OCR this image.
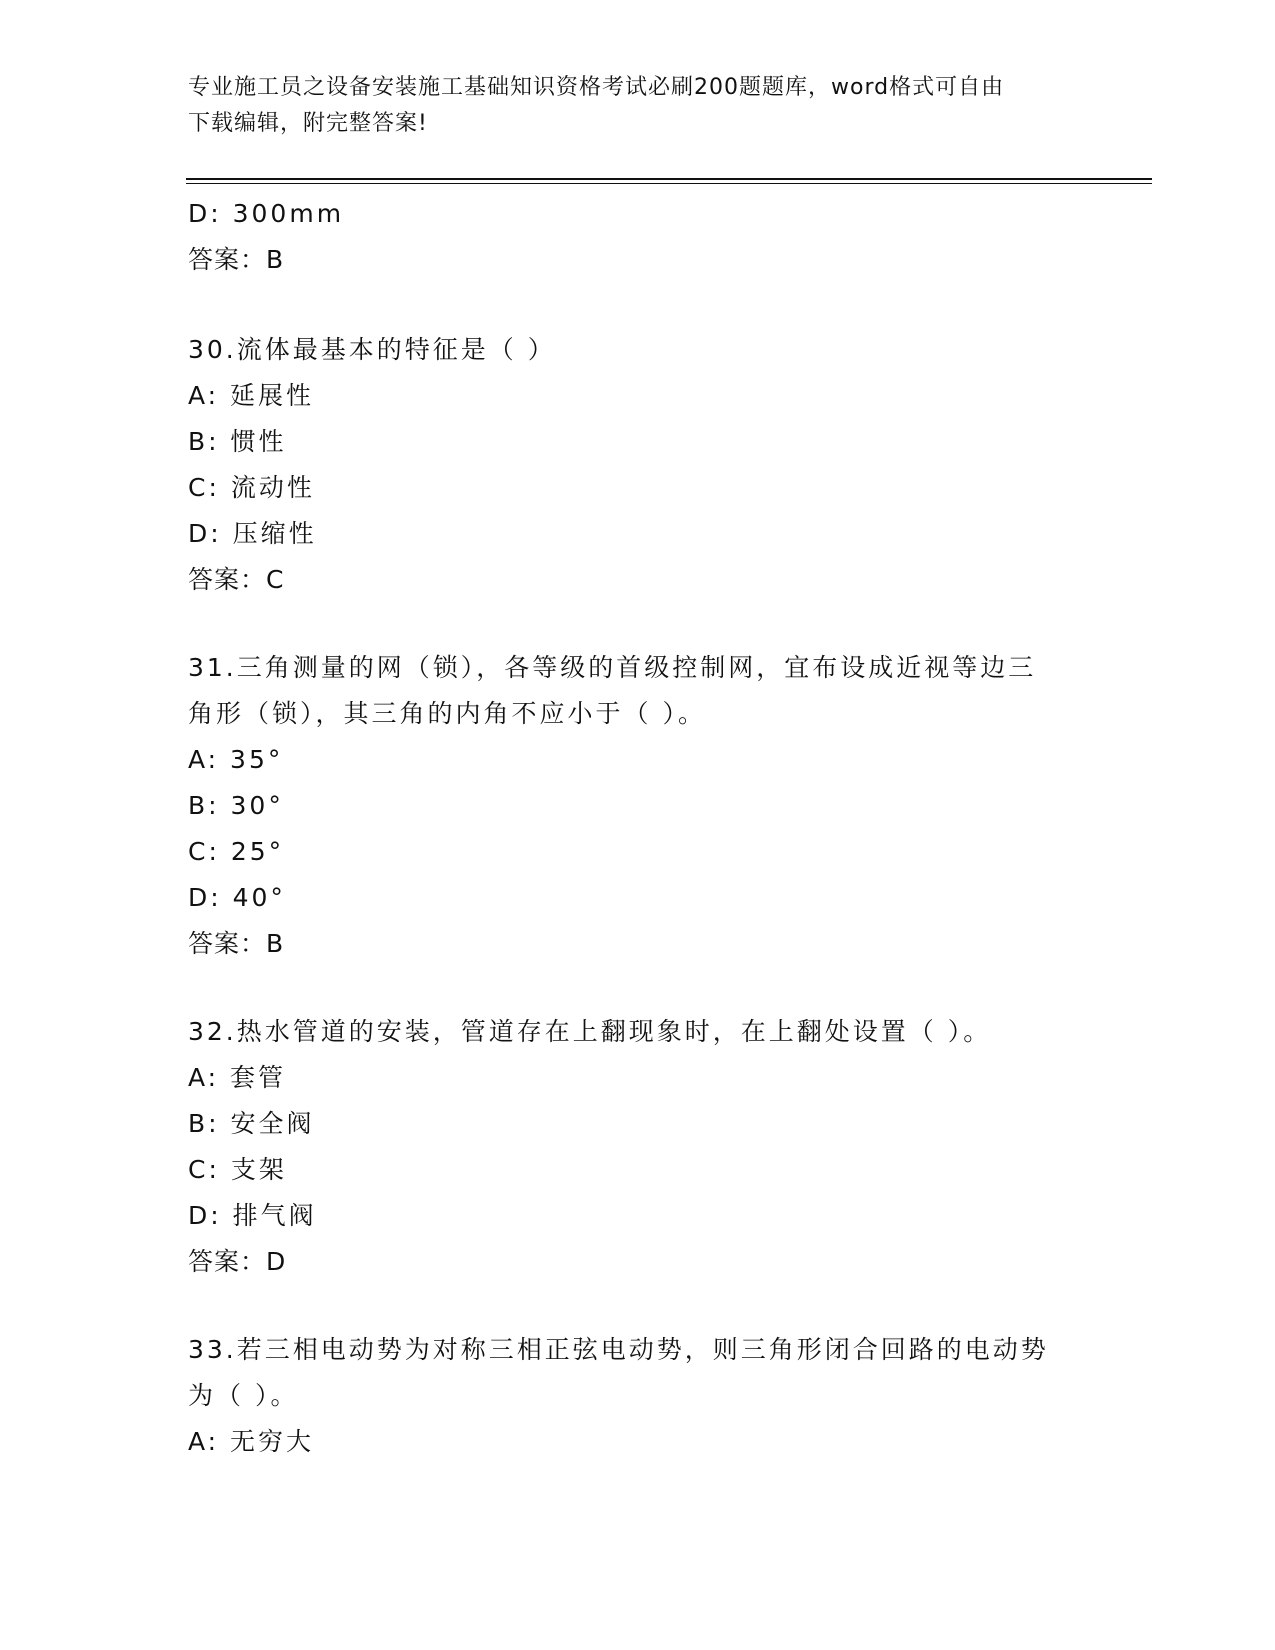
专业施工员之设备安装施工基础知识资格考试必刷200题题库，word格式可自由
下载编辑，附完整答案!
D: 300mm
答案：B
30.流体最基本的特征是（ ）
A: 延展性
B: 惯性
C: 流动性
D: 压缩性
答案：C
31.三角测量的网（锁），各等级的首级控制网，宜布设成近视等边三
角形（锁），其三角的内角不应小于（ ）。
A: 35°
B: 30°
C: 25°
D: 40°
答案：B
32.热水管道的安装，管道存在上翻现象时，在上翻处设置（ ）。
A: 套管
B: 安全阀
C: 支架
D: 排气阀
答案：D
33.若三相电动势为对称三相正弦电动势，则三角形闭合回路的电动势
为（ ）。
A: 无穷大
